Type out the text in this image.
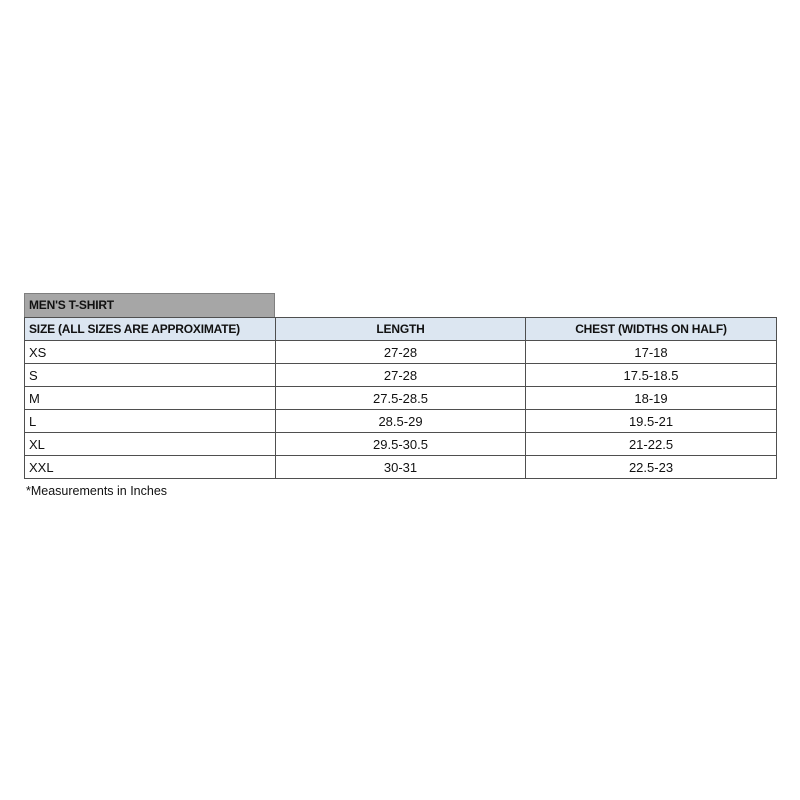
MEN'S T-SHIRT
SIZE (ALL SIZES ARE APPROXIMATE)	LENGTH	CHEST (WIDTHS ON HALF)
XS	27-28	17-18
S	27-28	17.5-18.5
M	27.5-28.5	18-19
L	28.5-29	19.5-21
XL	29.5-30.5	21-22.5
XXL	30-31	22.5-23
*Measurements in Inches
